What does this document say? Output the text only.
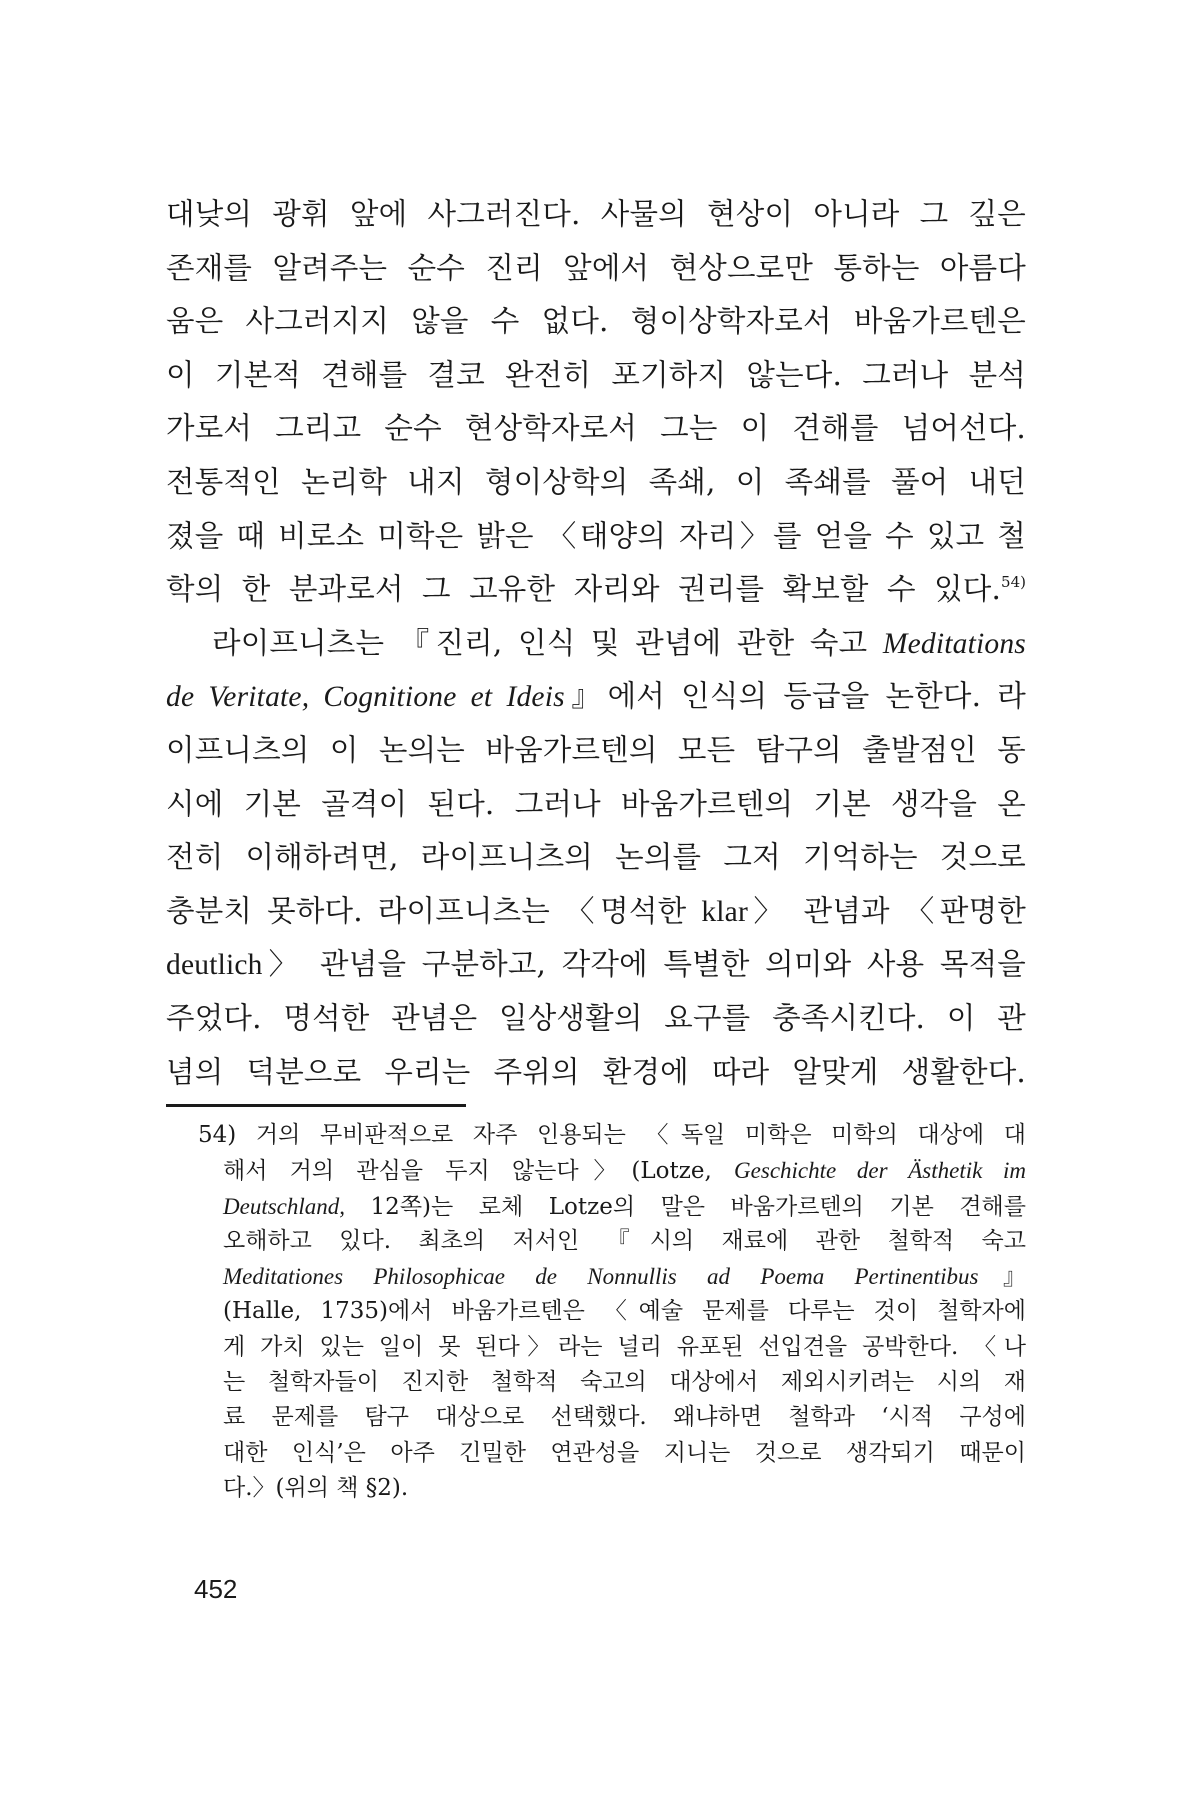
대낮의 광휘 앞에 사그러진다. 사물의 현상이 아니라 그 깊은
존재를 알려주는 순수 진리 앞에서 현상으로만 통하는 아름다
움은 사그러지지 않을 수 없다. 형이상학자로서 바움가르텐은
이 기본적 견해를 결코 완전히 포기하지 않는다. 그러나 분석
가로서 그리고 순수 현상학자로서 그는 이 견해를 넘어선다.
전통적인 논리학 내지 형이상학의 족쇄, 이 족쇄를 풀어 내던
졌을 때 비로소 미학은 밝은 〈태양의 자리〉를 얻을 수 있고 철
학의 한 분과로서 그 고유한 자리와 권리를 확보할 수 있다.$^{54)}$
라이프니츠는 『진리, 인식 및 관념에 관한 숙고 Meditations
de Veritate, Cognitione et Ideis』에서 인식의 등급을 논한다. 라
이프니츠의 이 논의는 바움가르텐의 모든 탐구의 출발점인 동
시에 기본 골격이 된다. 그러나 바움가르텐의 기본 생각을 온
전히 이해하려면, 라이프니츠의 논의를 그저 기억하는 것으로
충분치 못하다. 라이프니츠는 〈명석한 klar〉 관념과 〈판명한
deutlich〉 관념을 구분하고, 각각에 특별한 의미와 사용 목적을
주었다. 명석한 관념은 일상생활의 요구를 충족시킨다. 이 관
념의 덕분으로 우리는 주위의 환경에 따라 알맞게 생활한다.
54) 거의 무비판적으로 자주 인용되는 〈독일 미학은 미학의 대상에 대
해서 거의 관심을 두지 않는다〉(Lotze, Geschichte der Ästhetik im
Deutschland, 12쪽)는 로체 Lotze의 말은 바움가르텐의 기본 견해를
오해하고 있다. 최초의 저서인 『시의 재료에 관한 철학적 숙고
Meditationes Philosophicae de Nonnullis ad Poema Pertinentibus』
(Halle, 1735)에서 바움가르텐은 〈예술 문제를 다루는 것이 철학자에
게 가치 있는 일이 못 된다〉라는 널리 유포된 선입견을 공박한다. 〈나
는 철학자들이 진지한 철학적 숙고의 대상에서 제외시키려는 시의 재
료 문제를 탐구 대상으로 선택했다. 왜냐하면 철학과 ‘시적 구성에
대한 인식’은 아주 긴밀한 연관성을 지니는 것으로 생각되기 때문이
다.〉(위의 책 §2).
452
